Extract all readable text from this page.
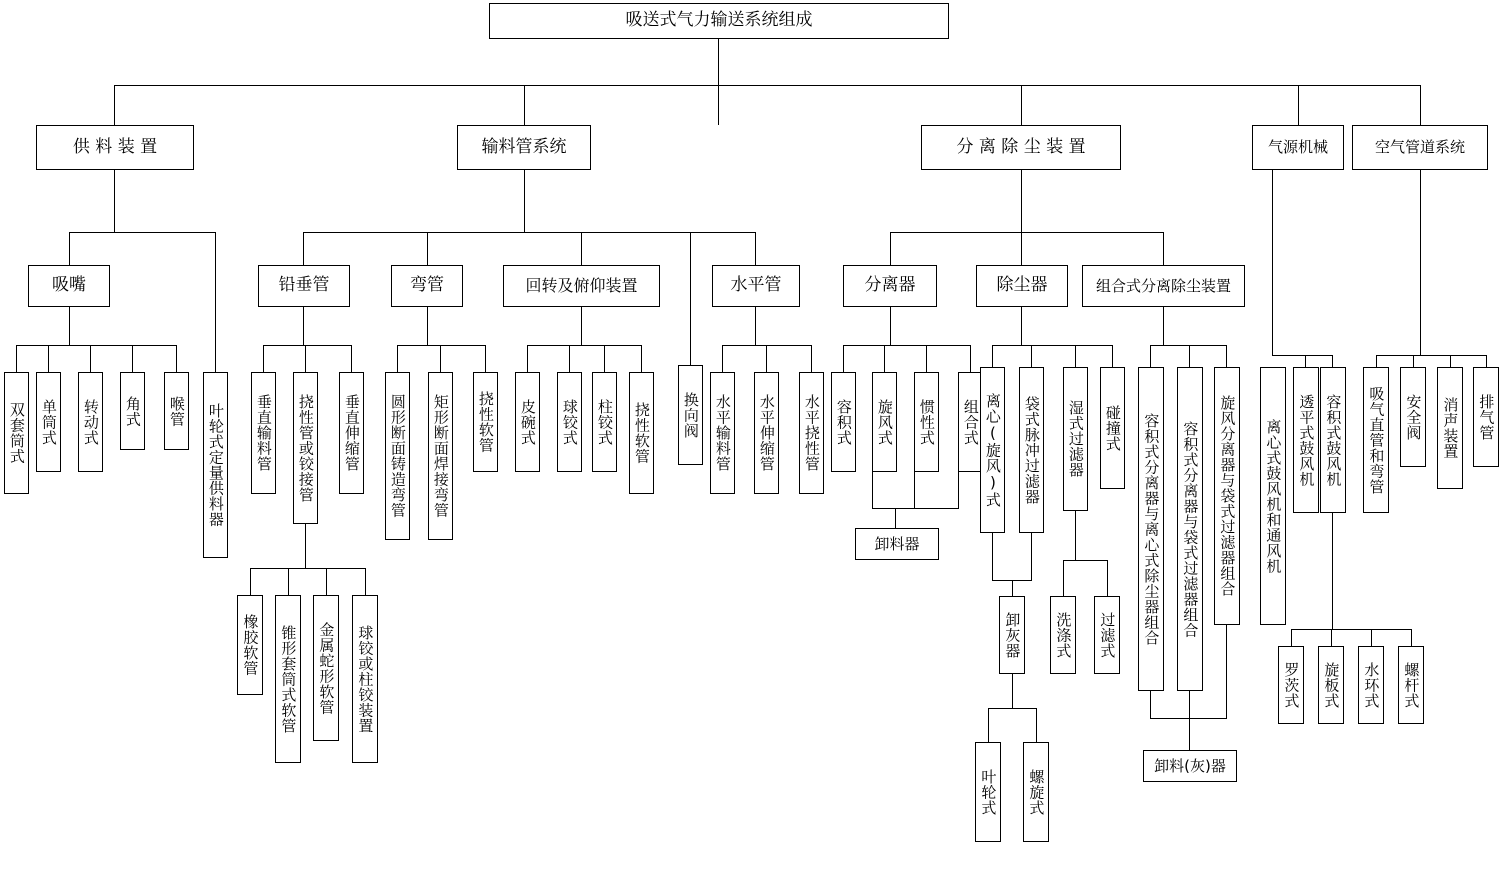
吸送式气力输送系统组成
供 料 装 置	输料管系统	分 离 除 尘 装 置	气源机械	空气管道系统
吸嘴
双套筒式 单筒式 转动式 角式 喉管 叶轮式定量供料器
铅垂管	弯管	回转及俯仰装置	水平管
垂直输料管 挠性管或铰接管 垂直伸缩管
橡胶软管 锥形套筒式软管 金属蛇形软管 球铰或柱铰装置
圆形断面铸造弯管 矩形断面焊接弯管 挠性软管 皮碗式 球铰式 柱铰式 挠性软管 换向阀 水平输料管 水平伸缩管 水平挠性管
分离器	除尘器	组合式分离除尘装置
容积式 旋风式 惯性式 组合式
卸料器
离心(旋风)式 袋式脉冲过滤器 湿式过滤器 碰撞式
卸灰器
叶轮式 螺旋式
洗涤式 过滤式 容积式分离器与离心式除尘器组合 容积式分离器与袋式过滤器组合 旋风分离器与袋式过滤器组合
卸料(灰)器
离心式鼓风机和通风机 透平式鼓风机 容积式鼓风机
罗茨式 旋板式 水环式 螺杆式
吸气直管和弯管 安全阀 消声装置 排气管
